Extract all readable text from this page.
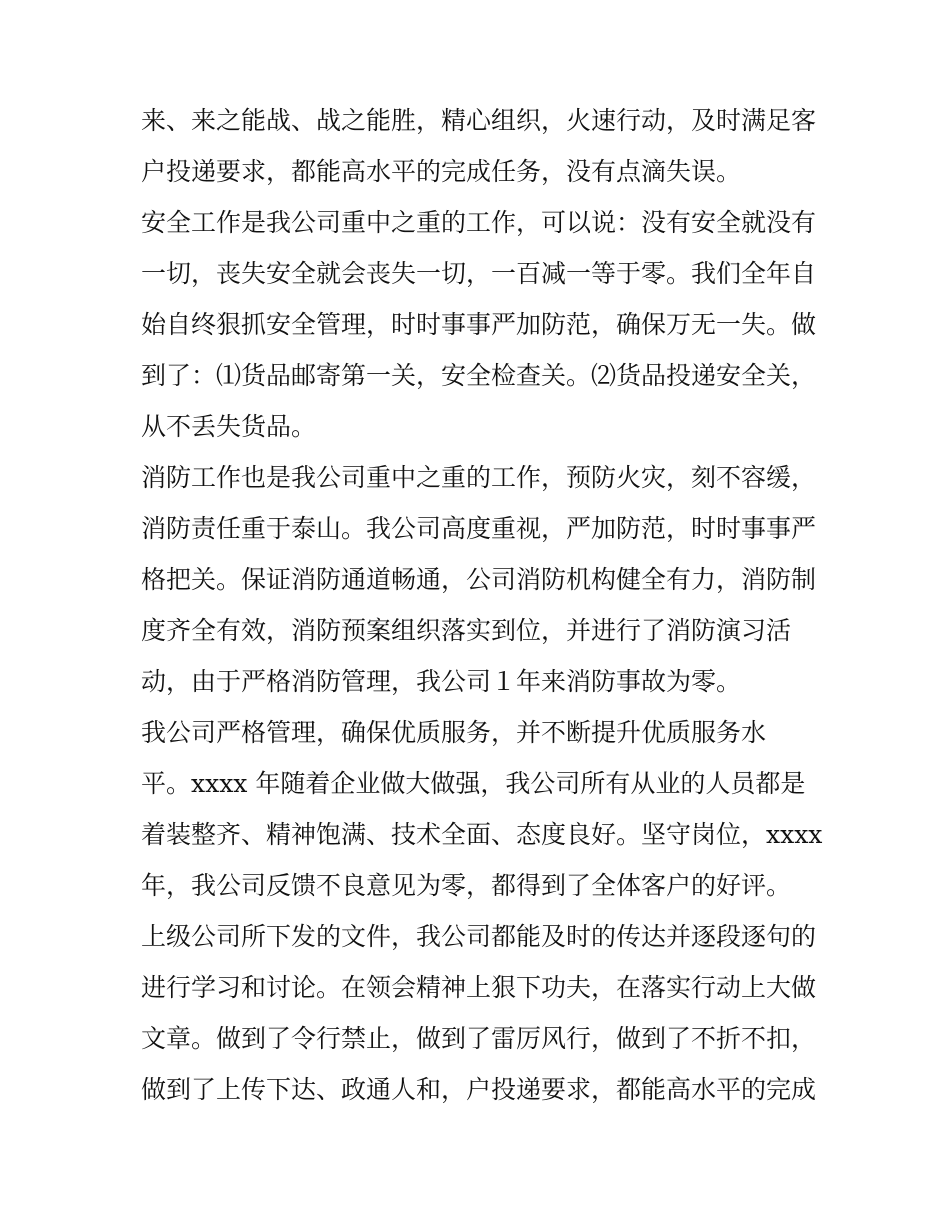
来、来之能战、战之能胜，精心组织，火速行动，及时满足客
户投递要求，都能高水平的完成任务，没有点滴失误。
安全工作是我公司重中之重的工作，可以说：没有安全就没有
一切，丧失安全就会丧失一切，一百减一等于零。我们全年自
始自终狠抓安全管理，时时事事严加防范，确保万无一失。做
到了：⑴货品邮寄第一关，安全检查关。⑵货品投递安全关，
从不丢失货品。
消防工作也是我公司重中之重的工作，预防火灾，刻不容缓，
消防责任重于泰山。我公司高度重视，严加防范，时时事事严
格把关。保证消防通道畅通，公司消防机构健全有力，消防制
度齐全有效，消防预案组织落实到位，并进行了消防演习活
动，由于严格消防管理，我公司１年来消防事故为零。
我公司严格管理，确保优质服务，并不断提升优质服务水
平。xxxx 年随着企业做大做强，我公司所有从业的人员都是
着装整齐、精神饱满、技术全面、态度良好。坚守岗位，xxxx
年，我公司反馈不良意见为零，都得到了全体客户的好评。
上级公司所下发的文件，我公司都能及时的传达并逐段逐句的
进行学习和讨论。在领会精神上狠下功夫，在落实行动上大做
文章。做到了令行禁止，做到了雷厉风行，做到了不折不扣，
做到了上传下达、政通人和，户投递要求，都能高水平的完成
